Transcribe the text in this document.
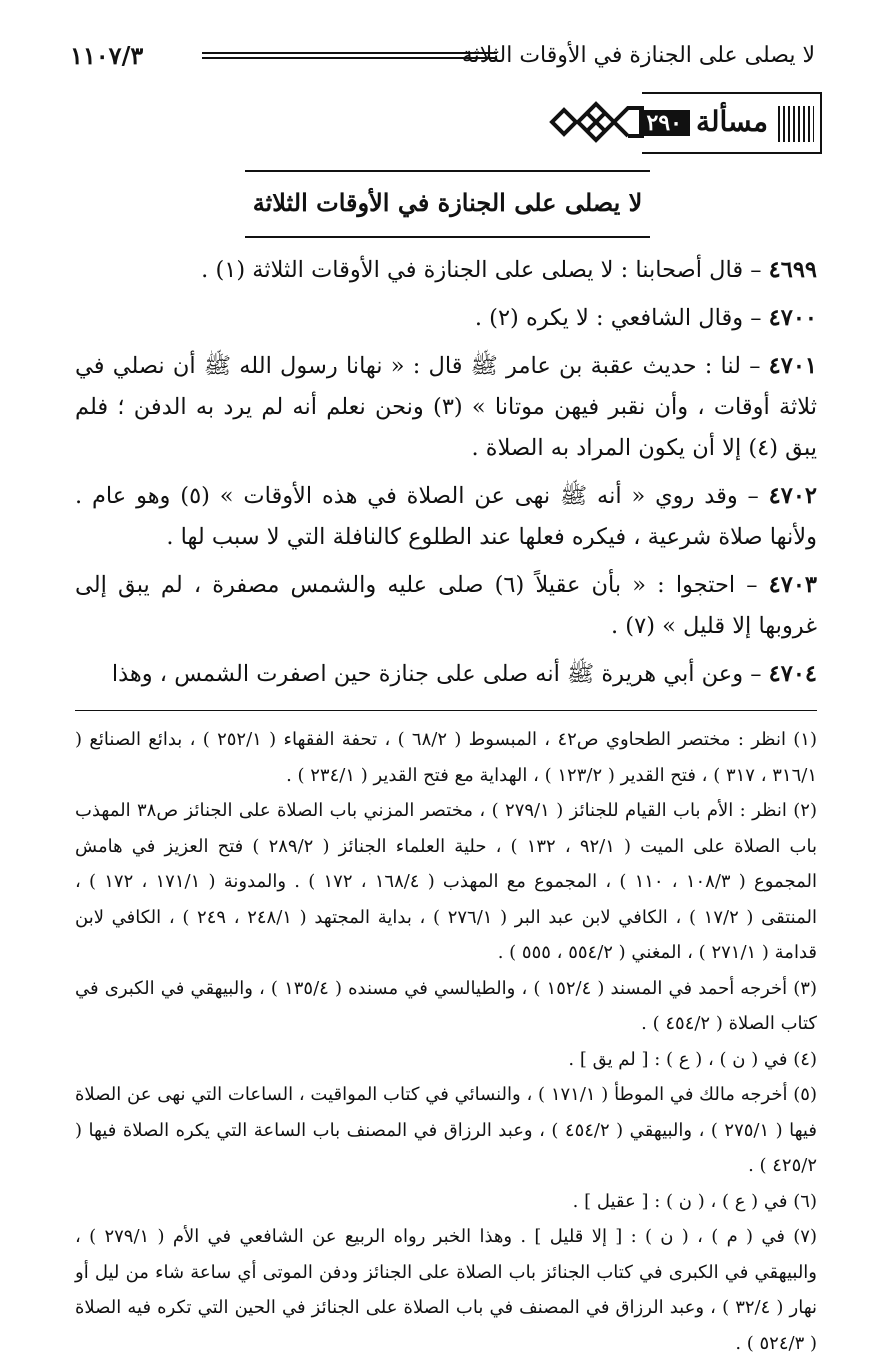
لا يصلى على الجنازة في الأوقات الثلاثة
١١٠٧/٣
مسألة
٢٩٠
لا يصلى على الجنازة في الأوقات الثلاثة

٤٦٩٩ – قال أصحابنا : لا يصلى على الجنازة في الأوقات الثلاثة (١) .

٤٧٠٠ – وقال الشافعي : لا يكره (٢) .

٤٧٠١ – لنا : حديث عقبة بن عامر ﷺ قال : « نهانا رسول الله ﷺ أن نصلي في ثلاثة أوقات ، وأن نقبر فيهن موتانا » (٣) ونحن نعلم أنه لم يرد به الدفن ؛ فلم يبق (٤) إلا أن يكون المراد به الصلاة .

٤٧٠٢ – وقد روي « أنه ﷺ نهى عن الصلاة في هذه الأوقات » (٥) وهو عام . ولأنها صلاة شرعية ، فيكره فعلها عند الطلوع كالنافلة التي لا سبب لها .

٤٧٠٣ – احتجوا : « بأن عقيلاً (٦) صلى عليه والشمس مصفرة ، لم يبق إلى غروبها إلا قليل » (٧) .

٤٧٠٤ – وعن أبي هريرة ﷺ أنه صلى على جنازة حين اصفرت الشمس ، وهذا

(١) انظر : مختصر الطحاوي ص٤٢ ، المبسوط ( ٦٨/٢ ) ، تحفة الفقهاء ( ٢٥٢/١ ) ، بدائع الصنائع ( ٣١٦/١ ، ٣١٧ ) ، فتح القدير ( ١٢٣/٢ ) ، الهداية مع فتح القدير ( ٢٣٤/١ ) .

(٢) انظر : الأم باب القيام للجنائز ( ٢٧٩/١ ) ، مختصر المزني باب الصلاة على الجنائز ص٣٨ المهذب باب الصلاة على الميت ( ٩٢/١ ، ١٣٢ ) ، حلية العلماء الجنائز ( ٢٨٩/٢ ) فتح العزيز في هامش المجموع ( ١٠٨/٣ ، ١١٠ ) ، المجموع مع المهذب ( ١٦٨/٤ ، ١٧٢ ) . والمدونة ( ١٧١/١ ، ١٧٢ ) ، المنتقى ( ١٧/٢ ) ، الكافي لابن عبد البر ( ٢٧٦/١ ) ، بداية المجتهد ( ٢٤٨/١ ، ٢٤٩ ) ، الكافي لابن قدامة ( ٢٧١/١ ) ، المغني ( ٥٥٤/٢ ، ٥٥٥ ) .

(٣) أخرجه أحمد في المسند ( ١٥٢/٤ ) ، والطيالسي في مسنده ( ١٣٥/٤ ) ، والبيهقي في الكبرى في كتاب الصلاة ( ٤٥٤/٢ ) .

(٤) في ( ن ) ، ( ع ) : [ لم يق ] .

(٥) أخرجه مالك في الموطأ ( ١٧١/١ ) ، والنسائي في كتاب المواقيت ، الساعات التي نهى عن الصلاة فيها ( ٢٧٥/١ ) ، والبيهقي ( ٤٥٤/٢ ) ، وعبد الرزاق في المصنف باب الساعة التي يكره الصلاة فيها ( ٤٢٥/٢ ) .

(٦) في ( ع ) ، ( ن ) : [ عقيل ] .

(٧) في ( م ) ، ( ن ) : [ إلا قليل ] . وهذا الخبر رواه الربيع عن الشافعي في الأم ( ٢٧٩/١ ) ، والبيهقي في الكبرى في كتاب الجنائز باب الصلاة على الجنائز ودفن الموتى أي ساعة شاء من ليل أو نهار ( ٣٢/٤ ) ، وعبد الرزاق في المصنف في باب الصلاة على الجنائز في الحين التي تكره فيه الصلاة ( ٥٢٤/٣ ) .
